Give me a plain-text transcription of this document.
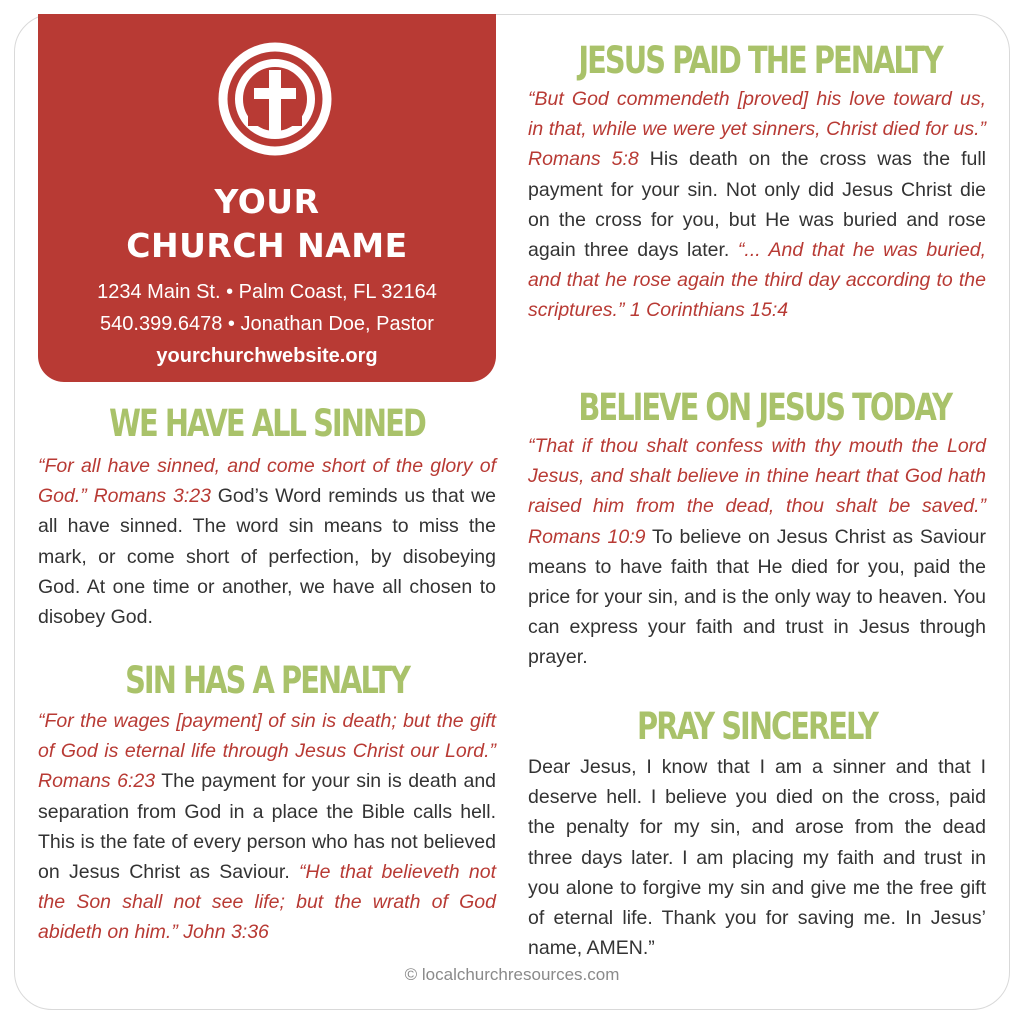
YOUR
CHURCH NAME
1234 Main St. • Palm Coast, FL 32164
540.399.6478 • Jonathan Doe, Pastor
yourchurchwebsite.org
WE HAVE ALL SINNED
“For all have sinned, and come short of the glory of God.” Romans 3:23 God’s Word reminds us that we all have sinned. The word sin means to miss the mark, or come short of perfection, by disobeying God. At one time or another, we have all chosen to disobey God.
SIN HAS A PENALTY
“For the wages [payment] of sin is death; but the gift of God is eternal life through Jesus Christ our Lord.” Romans 6:23 The payment for your sin is death and separation from God in a place the Bible calls hell. This is the fate of every person who has not believed on Jesus Christ as Saviour. “He that believeth not the Son shall not see life; but the wrath of God abideth on him.” John 3:36
JESUS PAID THE PENALTY
“But God commendeth [proved] his love toward us, in that, while we were yet sinners, Christ died for us.” Romans 5:8 His death on the cross was the full payment for your sin. Not only did Jesus Christ die on the cross for you, but He was buried and rose again three days later. “... And that he was buried, and that he rose again the third day according to the scriptures.” 1 Corinthians 15:4
BELIEVE ON JESUS TODAY
“That if thou shalt confess with thy mouth the Lord Jesus, and shalt believe in thine heart that God hath raised him from the dead, thou shalt be saved.” Romans 10:9 To believe on Jesus Christ as Saviour means to have faith that He died for you, paid the price for your sin, and is the only way to heaven. You can express your faith and trust in Jesus through prayer.
PRAY SINCERELY
Dear Jesus, I know that I am a sinner and that I deserve hell. I believe you died on the cross, paid the penalty for my sin, and arose from the dead three days later. I am placing my faith and trust in you alone to forgive my sin and give me the free gift of eternal life. Thank you for saving me. In Jesus’ name, AMEN.”
© localchurchresources.com
